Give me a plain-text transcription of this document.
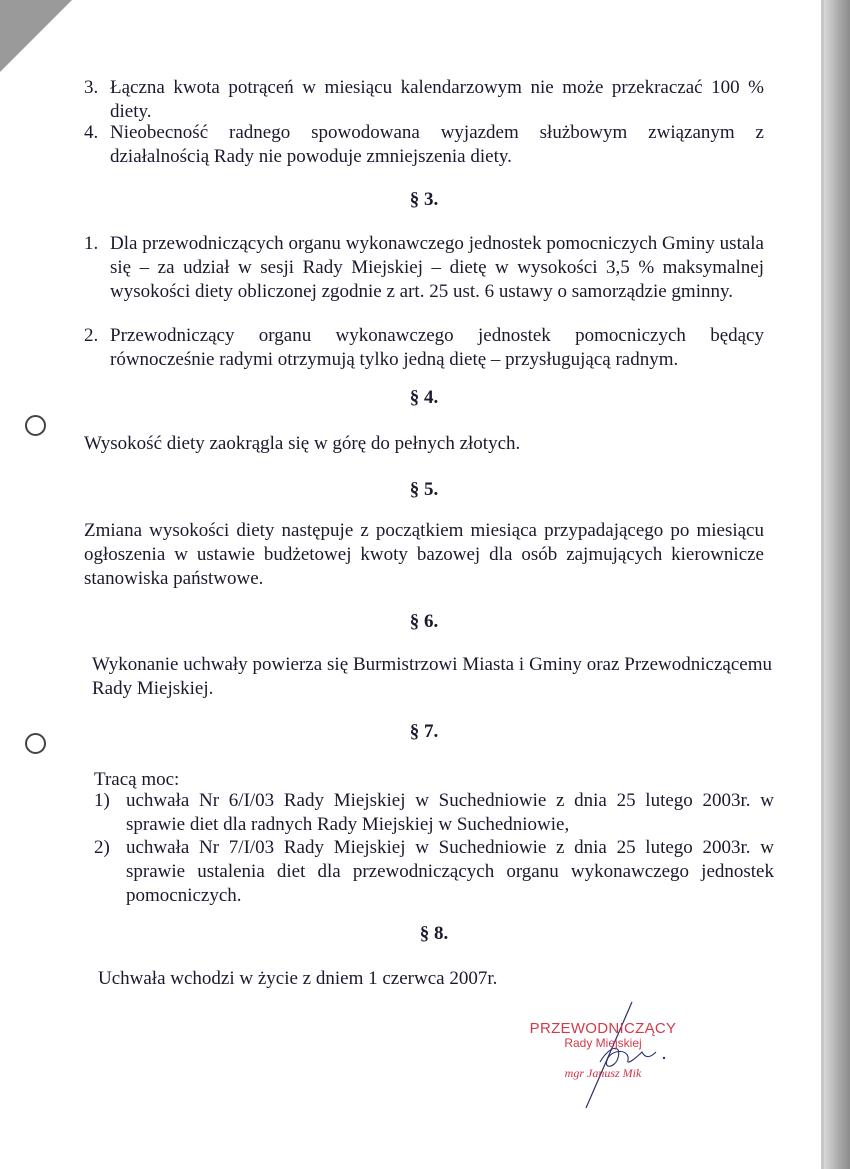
3. Łączna kwota potrąceń w miesiącu kalendarzowym nie może przekraczać 100 % diety.
4. Nieobecność radnego spowodowana wyjazdem służbowym związanym z działalnością Rady nie powoduje zmniejszenia diety.
§ 3.
1. Dla przewodniczących organu wykonawczego jednostek pomocniczych Gminy ustala się – za udział w sesji Rady Miejskiej – dietę w wysokości 3,5 % maksymalnej wysokości diety obliczonej zgodnie z art. 25 ust. 6 ustawy o samorządzie gminny.
2. Przewodniczący organu wykonawczego jednostek pomocniczych będący równocześnie radymi otrzymują tylko jedną dietę – przysługującą radnym.
§ 4.
Wysokość diety zaokrągla się w górę do pełnych złotych.
§ 5.
Zmiana wysokości diety następuje z początkiem miesiąca przypadającego po miesiącu ogłoszenia w ustawie budżetowej kwoty bazowej dla osób zajmujących kierownicze stanowiska państwowe.
§ 6.
Wykonanie uchwały powierza się Burmistrzowi Miasta i Gminy oraz Przewodniczącemu Rady Miejskiej.
§ 7.
Tracą moc:
1) uchwała Nr 6/I/03 Rady Miejskiej w Suchedniowie z dnia 25 lutego 2003r. w sprawie diet dla radnych Rady Miejskiej w Suchedniowie,
2) uchwała Nr 7/I/03 Rady Miejskiej w Suchedniowie z dnia 25 lutego 2003r. w sprawie ustalenia diet dla przewodniczących organu wykonawczego jednostek pomocniczych.
§ 8.
Uchwała wchodzi w życie z dniem 1 czerwca 2007r.
PRZEWODNICZĄCY
Rady Miejskiej
mgr Janusz Mik
